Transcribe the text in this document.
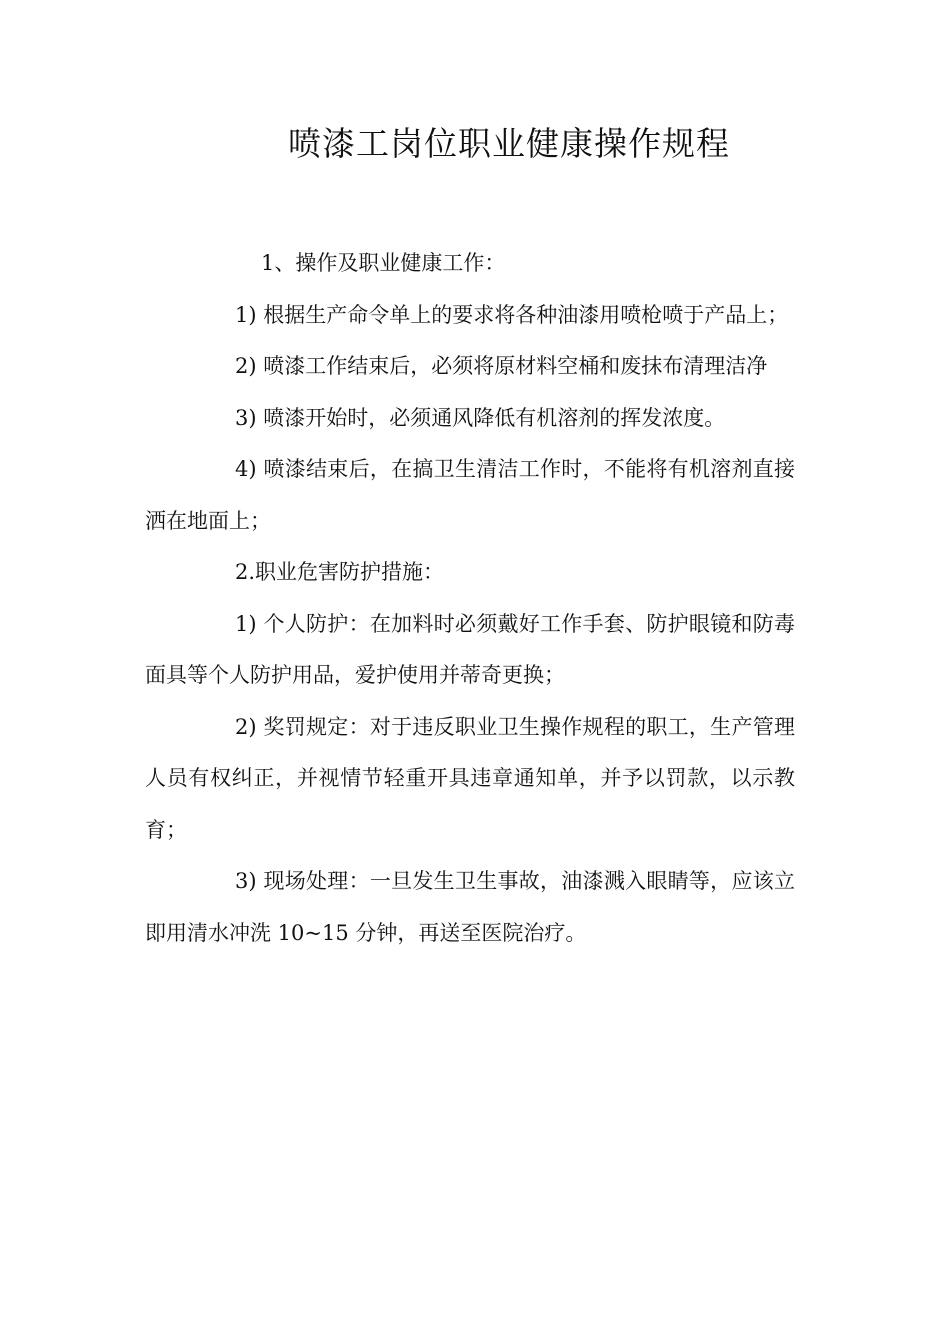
喷漆工岗位职业健康操作规程

1、操作及职业健康工作：

1) 根据生产命令单上的要求将各种油漆用喷枪喷于产品上；

2) 喷漆工作结束后，必须将原材料空桶和废抹布清理洁净

3) 喷漆开始时，必须通风降低有机溶剂的挥发浓度。

4) 喷漆结束后，在搞卫生清洁工作时，不能将有机溶剂直接洒在地面上；

2.职业危害防护措施：

1) 个人防护：在加料时必须戴好工作手套、防护眼镜和防毒面具等个人防护用品，爱护使用并蒂奇更换；

2) 奖罚规定：对于违反职业卫生操作规程的职工，生产管理人员有权纠正，并视情节轻重开具违章通知单，并予以罚款，以示教育；

3) 现场处理：一旦发生卫生事故，油漆溅入眼睛等，应该立即用清水冲洗 10~15 分钟，再送至医院治疗。
